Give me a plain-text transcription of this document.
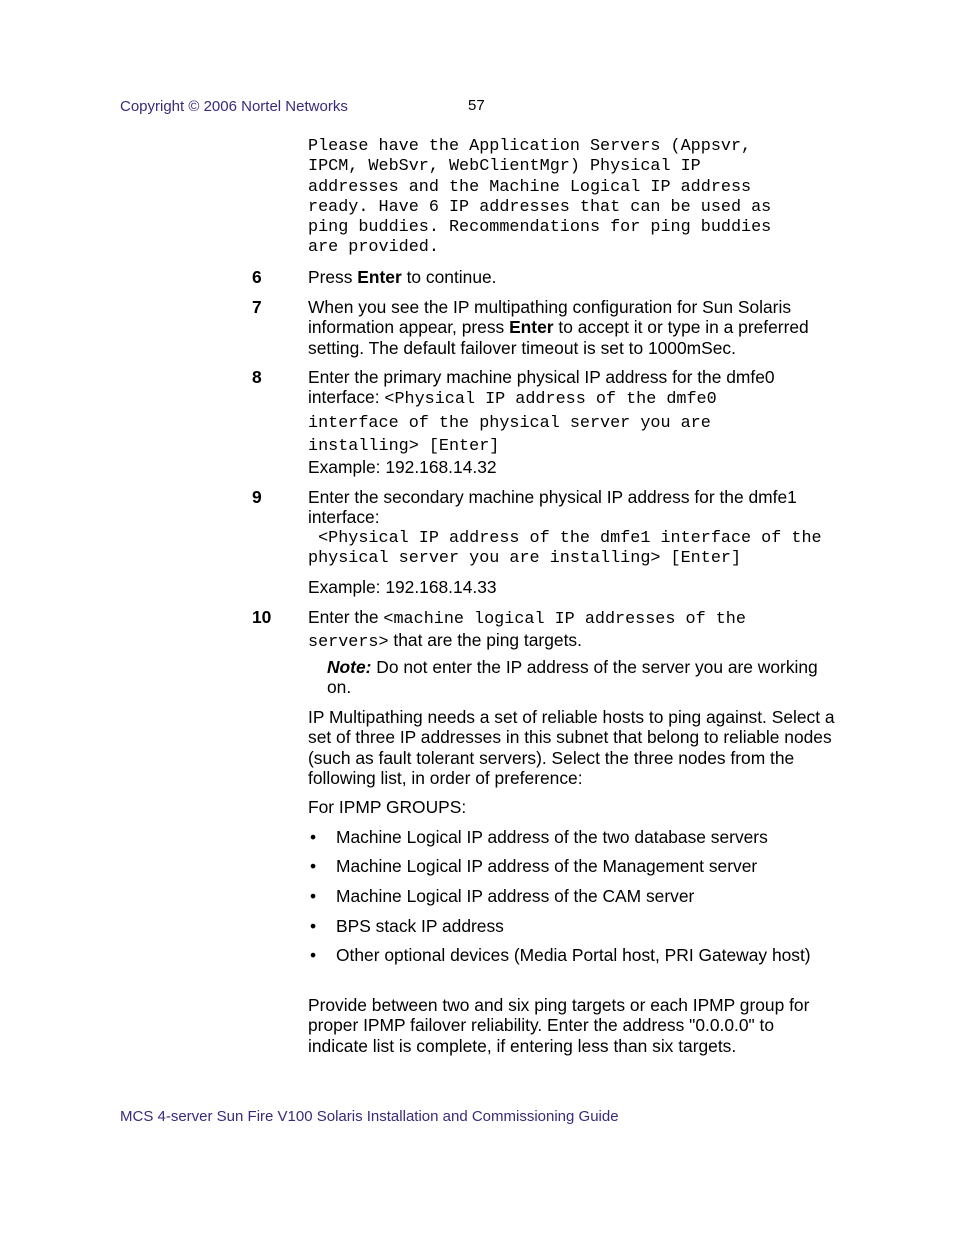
Copyright © 2006 Nortel Networks	57
Please have the Application Servers (Appsvr,
IPCM, WebSvr, WebClientMgr) Physical IP
addresses and the Machine Logical IP address
ready. Have 6 IP addresses that can be used as
ping buddies. Recommendations for ping buddies
are provided.
6	Press Enter to continue.
7	When you see the IP multipathing configuration for Sun Solaris information appear, press Enter to accept it or type in a preferred setting. The default failover timeout is set to 1000mSec.
8	Enter the primary machine physical IP address for the dmfe0 interface: <Physical IP address of the dmfe0 interface of the physical server you are installing> [Enter]
Example: 192.168.14.32
9	Enter the secondary machine physical IP address for the dmfe1 interface:
<Physical IP address of the dmfe1 interface of the physical server you are installing> [Enter]
Example: 192.168.14.33
10 Enter the <machine logical IP addresses of the servers> that are the ping targets.
Note: Do not enter the IP address of the server you are working on.
IP Multipathing needs a set of reliable hosts to ping against. Select a set of three IP addresses in this subnet that belong to reliable nodes (such as fault tolerant servers). Select the three nodes from the following list, in order of preference:
For IPMP GROUPS:
• Machine Logical IP address of the two database servers
• Machine Logical IP address of the Management server
• Machine Logical IP address of the CAM server
• BPS stack IP address
• Other optional devices (Media Portal host, PRI Gateway host)
Provide between two and six ping targets or each IPMP group for proper IPMP failover reliability. Enter the address "0.0.0.0" to indicate list is complete, if entering less than six targets.
MCS 4-server Sun Fire V100 Solaris Installation and Commissioning Guide
